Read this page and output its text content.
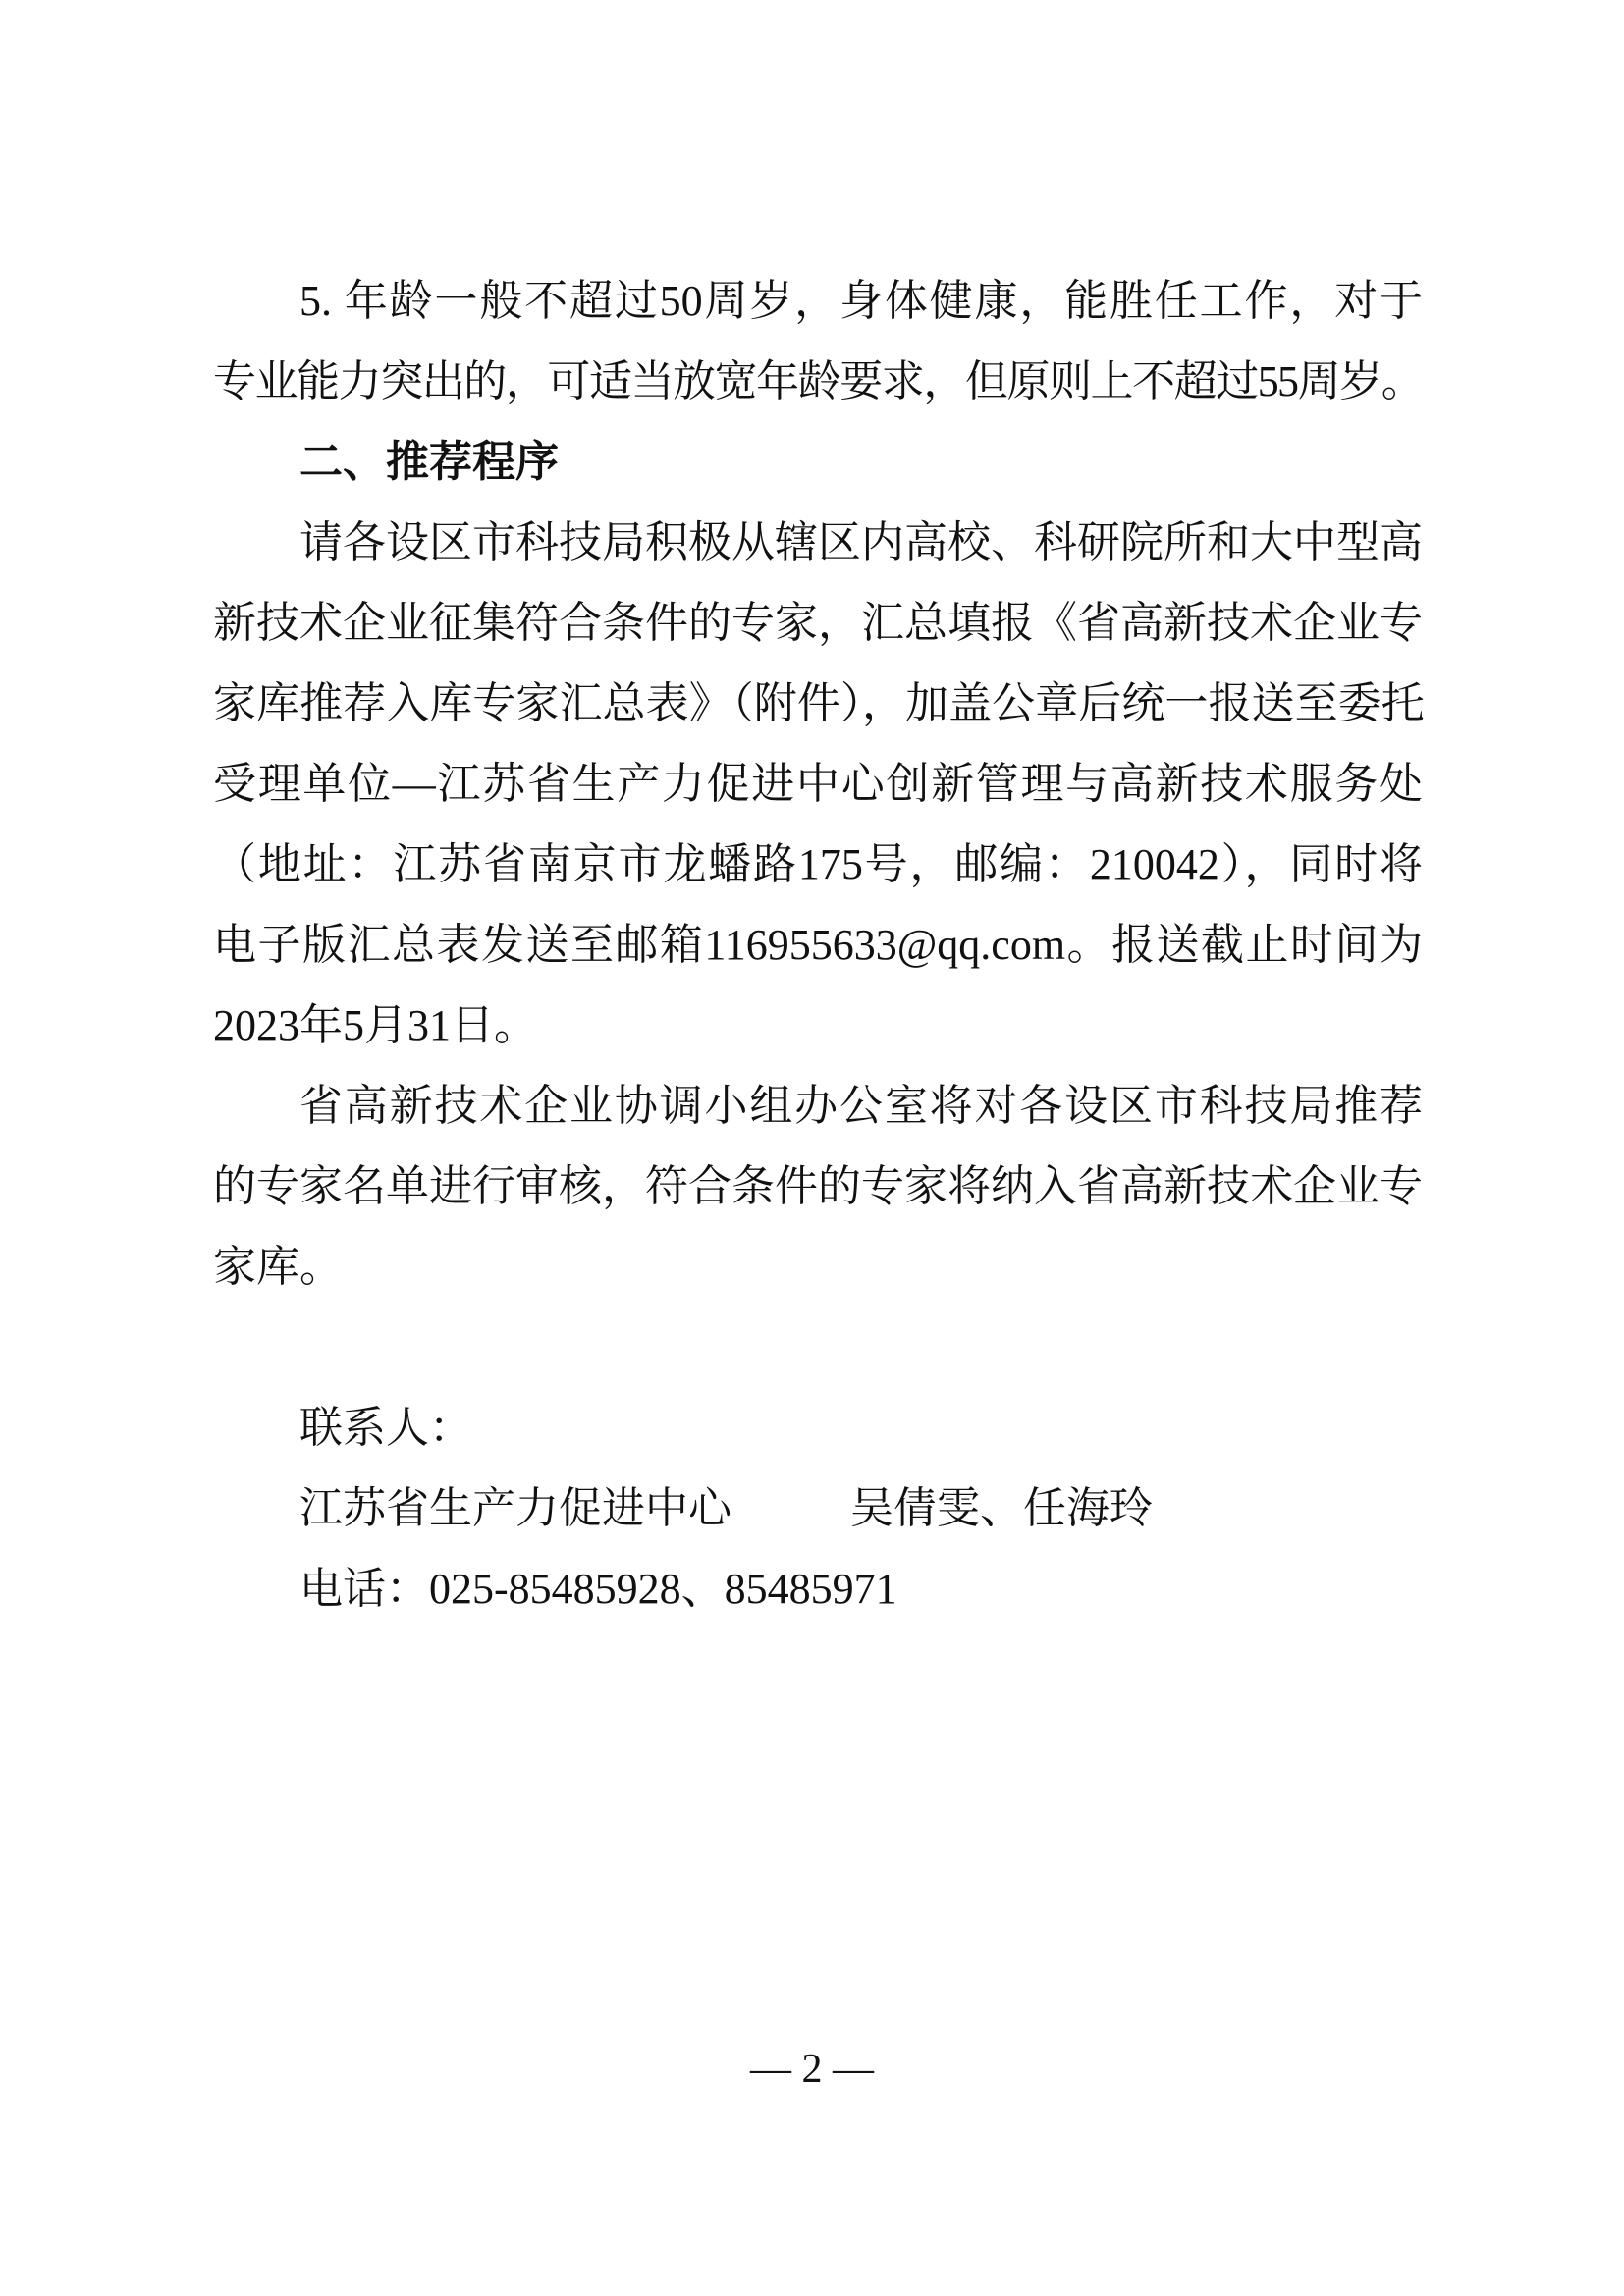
5. 年龄一般不超过50周岁，身体健康，能胜任工作，对于
专业能力突出的，可适当放宽年龄要求，但原则上不超过55周岁。
二、推荐程序
请各设区市科技局积极从辖区内高校、科研院所和大中型高
新技术企业征集符合条件的专家，汇总填报《省高新技术企业专
家库推荐入库专家汇总表》（附件），加盖公章后统一报送至委托
受理单位—江苏省生产力促进中心创新管理与高新技术服务处
（地址：江苏省南京市龙蟠路175号，邮编：210042），同时将
电子版汇总表发送至邮箱116955633@qq.com。报送截止时间为
2023年5月31日。
省高新技术企业协调小组办公室将对各设区市科技局推荐
的专家名单进行审核，符合条件的专家将纳入省高新技术企业专
家库。
联系人：
江苏省生产力促进中心	吴倩雯、任海玲
电话：025-85485928、85485971
— 2 —
